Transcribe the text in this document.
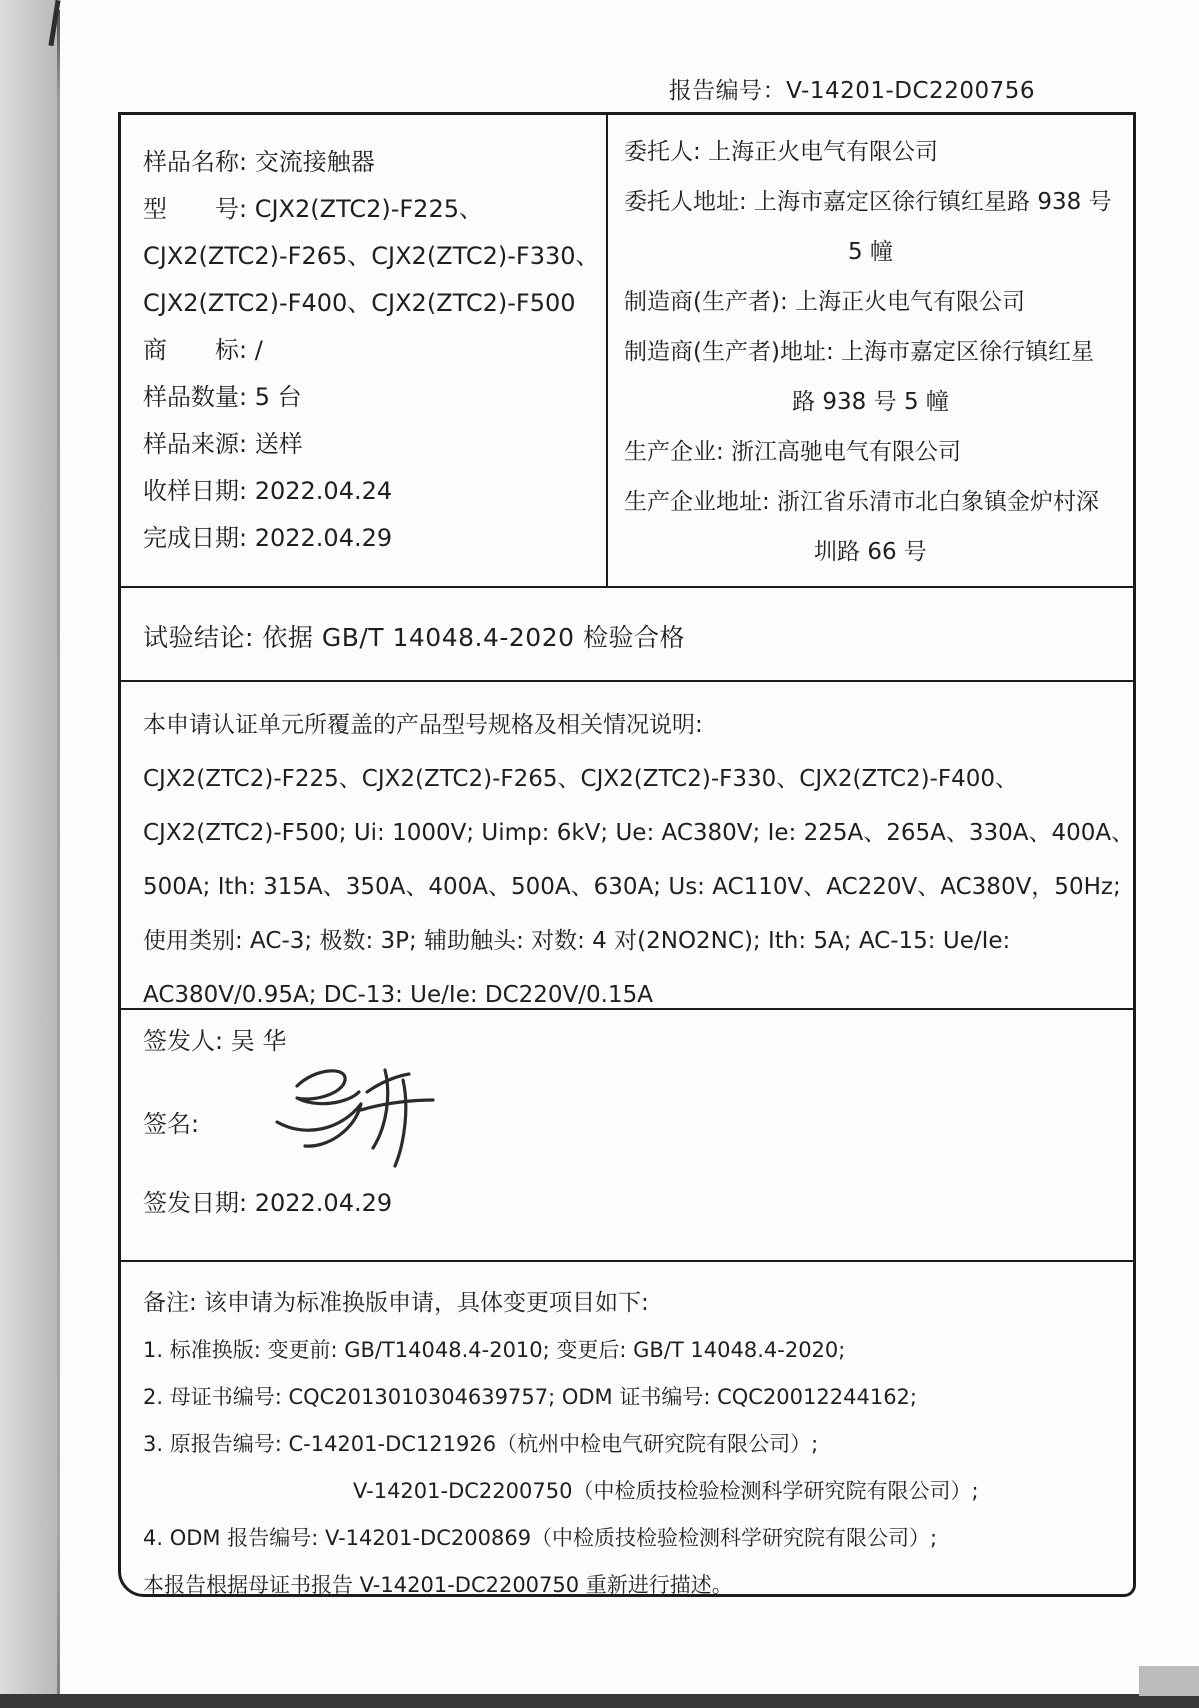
报告编号：V-14201-DC2200756
样品名称: 交流接触器
型　　号: CJX2(ZTC2)-F225、
CJX2(ZTC2)-F265、CJX2(ZTC2)-F330、
CJX2(ZTC2)-F400、CJX2(ZTC2)-F500
商　　标: /
样品数量: 5 台
样品来源: 送样
收样日期: 2022.04.24
完成日期: 2022.04.29
委托人: 上海正火电气有限公司
委托人地址: 上海市嘉定区徐行镇红星路 938 号
5 幢
制造商(生产者): 上海正火电气有限公司
制造商(生产者)地址: 上海市嘉定区徐行镇红星
路 938 号 5 幢
生产企业: 浙江高驰电气有限公司
生产企业地址: 浙江省乐清市北白象镇金炉村深
圳路 66 号
试验结论: 依据 GB/T 14048.4-2020 检验合格
本申请认证单元所覆盖的产品型号规格及相关情况说明:
CJX2(ZTC2)-F225、CJX2(ZTC2)-F265、CJX2(ZTC2)-F330、CJX2(ZTC2)-F400、
CJX2(ZTC2)-F500; Ui: 1000V; Uimp: 6kV; Ue: AC380V; Ie: 225A、265A、330A、400A、
500A; Ith: 315A、350A、400A、500A、630A; Us: AC110V、AC220V、AC380V，50Hz;
使用类别: AC-3; 极数: 3P; 辅助触头: 对数: 4 对(2NO2NC); Ith: 5A; AC-15: Ue/Ie:
AC380V/0.95A; DC-13: Ue/Ie: DC220V/0.15A
签发人: 吴 华
签名:
签发日期: 2022.04.29
备注: 该申请为标准换版申请，具体变更项目如下:
1. 标准换版: 变更前: GB/T14048.4-2010; 变更后: GB/T 14048.4-2020;
2. 母证书编号: CQC2013010304639757; ODM 证书编号: CQC20012244162;
3. 原报告编号: C-14201-DC121926（杭州中检电气研究院有限公司）;
V-14201-DC2200750（中检质技检验检测科学研究院有限公司）;
4. ODM 报告编号: V-14201-DC200869（中检质技检验检测科学研究院有限公司）;
本报告根据母证书报告 V-14201-DC2200750 重新进行描述。
